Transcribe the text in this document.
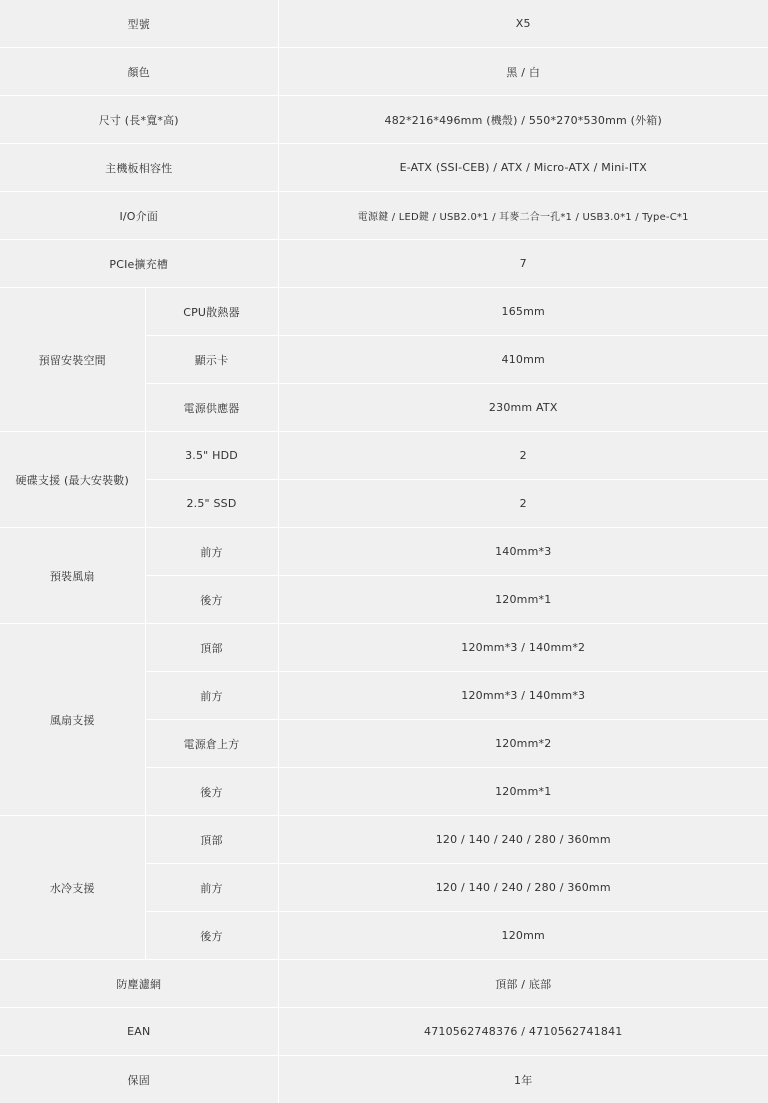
型號		X5
顏色		黑 / 白
尺寸 (長*寬*高)		482*216*496mm (機殼) / 550*270*530mm (外箱)
主機板相容性		E-ATX (SSI-CEB) / ATX / Micro-ATX / Mini-ITX
I/O介面		電源鍵 / LED鍵 / USB2.0*1 / 耳麥二合一孔*1 / USB3.0*1 / Type-C*1
PCIe擴充槽		7
預留安裝空間	CPU散熱器	165mm
	顯示卡	410mm
	電源供應器	230mm ATX
硬碟支援 (最大安裝數)	3.5" HDD	2
	2.5" SSD	2
預裝風扇	前方	140mm*3
	後方	120mm*1
風扇支援	頂部	120mm*3 / 140mm*2
	前方	120mm*3 / 140mm*3
	電源倉上方	120mm*2
	後方	120mm*1
水冷支援	頂部	120 / 140 / 240 / 280 / 360mm
	前方	120 / 140 / 240 / 280 / 360mm
	後方	120mm
防塵濾網		頂部 / 底部
EAN		4710562748376 / 4710562741841
保固		1年
